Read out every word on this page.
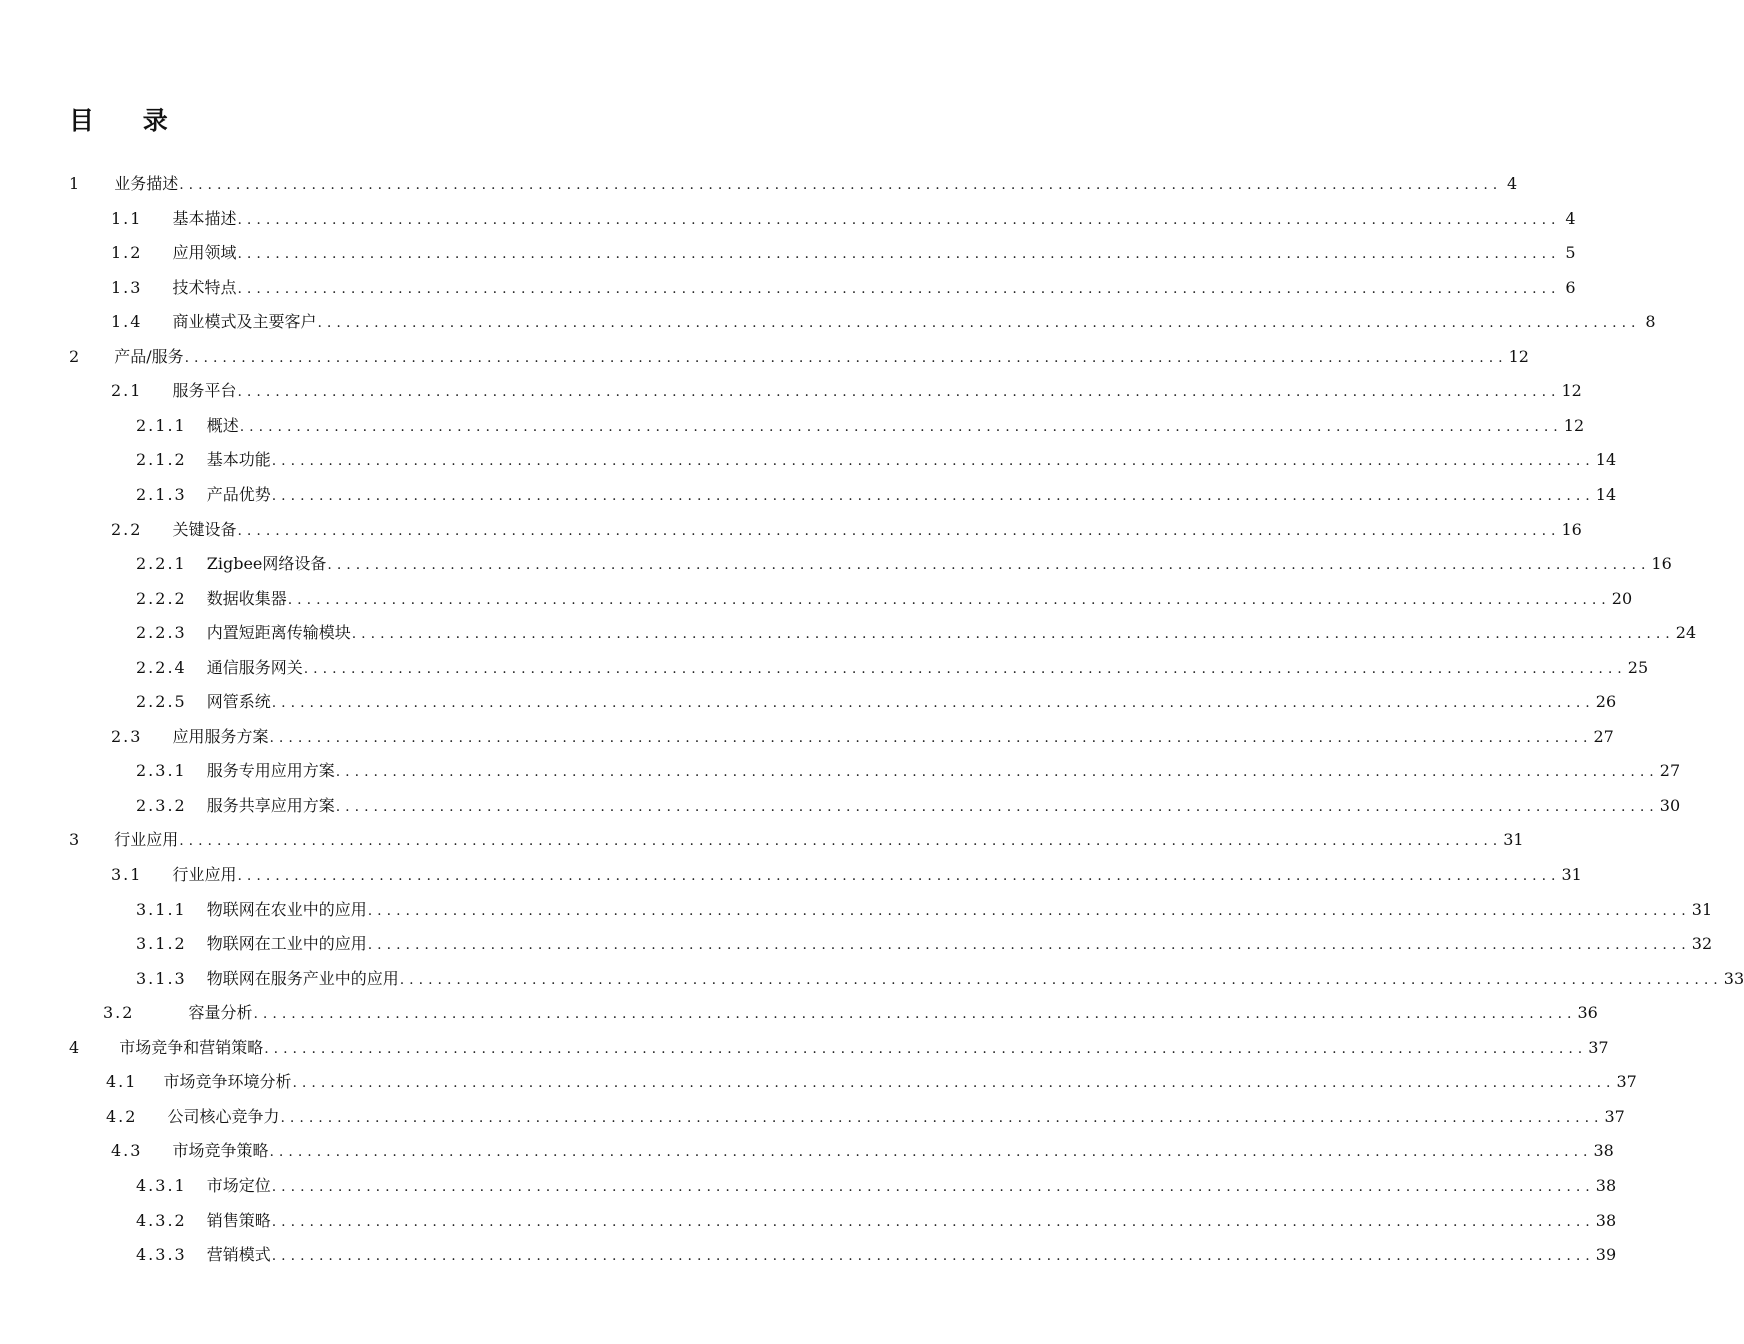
目 录
1 业务描述 ............................................................................................................................................ 4
1.1 基本描述 ............................................................................................................................................ 4
1.2 应用领域 ............................................................................................................................................ 5
1.3 技术特点 ............................................................................................................................................ 6
1.4 商业模式及主要客户 ............................................................................................................................................ 8
2 产品/服务 ............................................................................................................................................ 12
2.1 服务平台 ............................................................................................................................................ 12
2.1.1 概述 ............................................................................................................................................ 12
2.1.2 基本功能 ............................................................................................................................................ 14
2.1.3 产品优势 ............................................................................................................................................ 14
2.2 关键设备 ............................................................................................................................................ 16
2.2.1 Zigbee网络设备 ............................................................................................................................................ 16
2.2.2 数据收集器 ............................................................................................................................................ 20
2.2.3 内置短距离传输模块 ............................................................................................................................................ 24
2.2.4 通信服务网关 ............................................................................................................................................ 25
2.2.5 网管系统 ............................................................................................................................................ 26
2.3 应用服务方案 ............................................................................................................................................ 27
2.3.1 服务专用应用方案 ............................................................................................................................................ 27
2.3.2 服务共享应用方案 ............................................................................................................................................ 30
3 行业应用 ............................................................................................................................................ 31
3.1 行业应用 ............................................................................................................................................ 31
3.1.1 物联网在农业中的应用 ............................................................................................................................................ 31
3.1.2 物联网在工业中的应用 ............................................................................................................................................ 32
3.1.3 物联网在服务产业中的应用 ............................................................................................................................................ 33
3.2	容量分析 ............................................................................................................................................ 36
4 市场竞争和营销策略 ............................................................................................................................................ 37
4.1 市场竞争环境分析 ............................................................................................................................................ 37
4.2 公司核心竞争力 ............................................................................................................................................ 37
4.3 市场竞争策略 ............................................................................................................................................ 38
4.3.1 市场定位 ............................................................................................................................................ 38
4.3.2 销售策略 ............................................................................................................................................ 38
4.3.3 营销模式 ............................................................................................................................................ 39
